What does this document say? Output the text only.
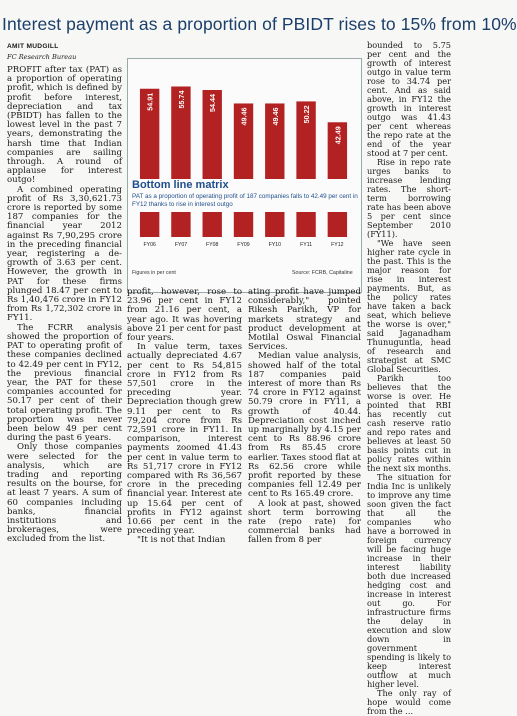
Interest payment as a proportion of PBIDT rises to 15% from 10%
AMIT MUDGILL
FC Research Bureau

PROFIT after tax (PAT) as a proportion of operating profit, which is defined by profit before interest, depreciation and tax (PBIDT) has fallen to the lowest level in the past 7 years, demonstrating the harsh time that Indian companies are sailing through. A round of applause for interest outgo!

A combined operating profit of Rs 3,30,621.73 crore is reported by some 187 companies for the financial year 2012 against Rs 7,90,295 crore in the preceding financial year, registering a de-growth of 3.63 per cent. However, the growth in PAT for these firms plunged 18.47 per cent to Rs 1,40,476 crore in FY12 from Rs 1,72,302 crore in FY11.

The FCRR analysis showed the proportion of PAT to operating profit of these companies declined to 42.49 per cent in FY12, the previous financial year, the PAT for these companies accounted for 50.17 per cent of their total operating profit. The proportion was never been below 49 per cent during the past 6 years.

Only those companies were selected for the analysis, which are trading and reporting results on the bourse, for at least 7 years. A sum of 60 companies including banks, financial institutions and brokerages, were excluded from the list.

54.91	55.74	54.44
49.46	49.46	50.22
42.49
Bottom line matrix
PAT as a proportion of operating profit of 187 companies falls to 42.49 per cent in FY12 thanks to rise in interest outgo
FY06	FY07	FY08	FY09	FY10	FY11	FY12
Figures in per cent	Source: FCRB, Capitaline

profit, however, rose to 23.96 per cent in FY12 from 21.16 per cent, a year ago. It was hovering above 21 per cent for past four years.

In value term, taxes actually depreciated 4.67 per cent to Rs 54,815 crore in FY12 from Rs 57,501 crore in the preceding year. Depreciation though grew 9.11 per cent to Rs 79,204 crore from Rs 72,591 crore in FY11. In comparison, interest payments zoomed 41.43 per cent in value term to Rs 51,717 crore in FY12 compared with Rs 36,567 crore in the preceding financial year. Interest ate up 15.64 per cent of profits in FY12 against 10.66 per cent in the preceding year.

"It is not that Indian

ating profit have jumped considerably," pointed Rikesh Parikh, VP for markets strategy and product development at Motilal Oswal Financial Services.

Median value analysis, showed half of the total 187 companies paid interest of more than Rs 74 crore in FY12 against 50.79 crore in FY11, a growth of 40.44. Depreciation cost inched up marginally by 4.15 per cent to Rs 88.96 crore from Rs 85.45 crore earlier. Taxes stood flat at Rs 62.56 crore while profit reported by these companies fell 12.49 per cent to Rs 165.49 crore.

A look at past, showed short term borrowing rate (repo rate) for commercial banks had fallen from 8 per

bounded to 5.75 per cent and the growth of interest outgo in value term rose to 34.74 per cent. And as said above, in FY12 the growth in interest outgo was 41.43 per cent whereas the repo rate at the end of the year stood at 7 per cent.

Rise in repo rate urges banks to increase lending rates. The short-term borrowing rate has been above 5 per cent since September 2010 (FY11).

"We have seen higher rate cycle in the past. This is the major reason for rise in interest payments. But, as the policy rates have taken a back seat, which believe the worse is over," said Jaganadham Thunuguntla, head of research and strategist at SMC Global Securities.

Parikh too believes that the worse is over. He pointed that RBI has recently cut cash reserve ratio and repo rates and believes at least 50 basis points cut in policy rates within the next six months.

The situation for India Inc is unlikely to improve any time soon given the fact that all the companies who have a borrowed in foreign currency will be facing huge increase in their interest liability both due increased hedging cost and increase in interest out go. For infrastructure firms the delay in execution and slow down in government spending is likely to keep interest outflow at much higher level.

The only ray of hope would come from the ...
